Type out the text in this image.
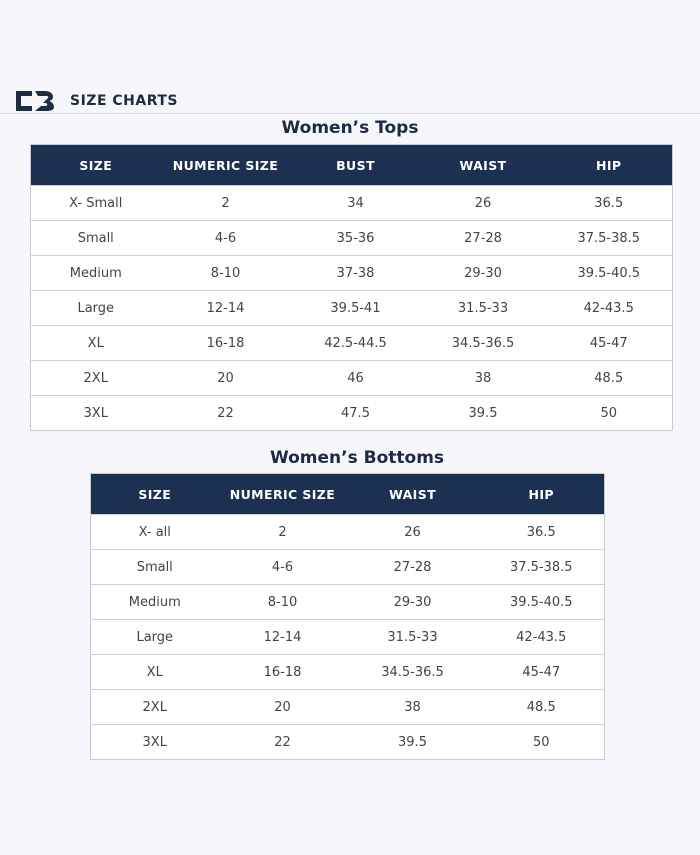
SIZE CHARTS
Women’s Tops
SIZE	NUMERIC SIZE	BUST	WAIST	HIP
X- Small	2	34	26	36.5
Small	4-6	35-36	27-28	37.5-38.5
Medium	8-10	37-38	29-30	39.5-40.5
Large	12-14	39.5-41	31.5-33	42-43.5
XL	16-18	42.5-44.5	34.5-36.5	45-47
2XL	20	46	38	48.5
3XL	22	47.5	39.5	50
Women’s Bottoms
SIZE	NUMERIC SIZE	WAIST	HIP
X- all	2	26	36.5
Small	4-6	27-28	37.5-38.5
Medium	8-10	29-30	39.5-40.5
Large	12-14	31.5-33	42-43.5
XL	16-18	34.5-36.5	45-47
2XL	20	38	48.5
3XL	22	39.5	50
